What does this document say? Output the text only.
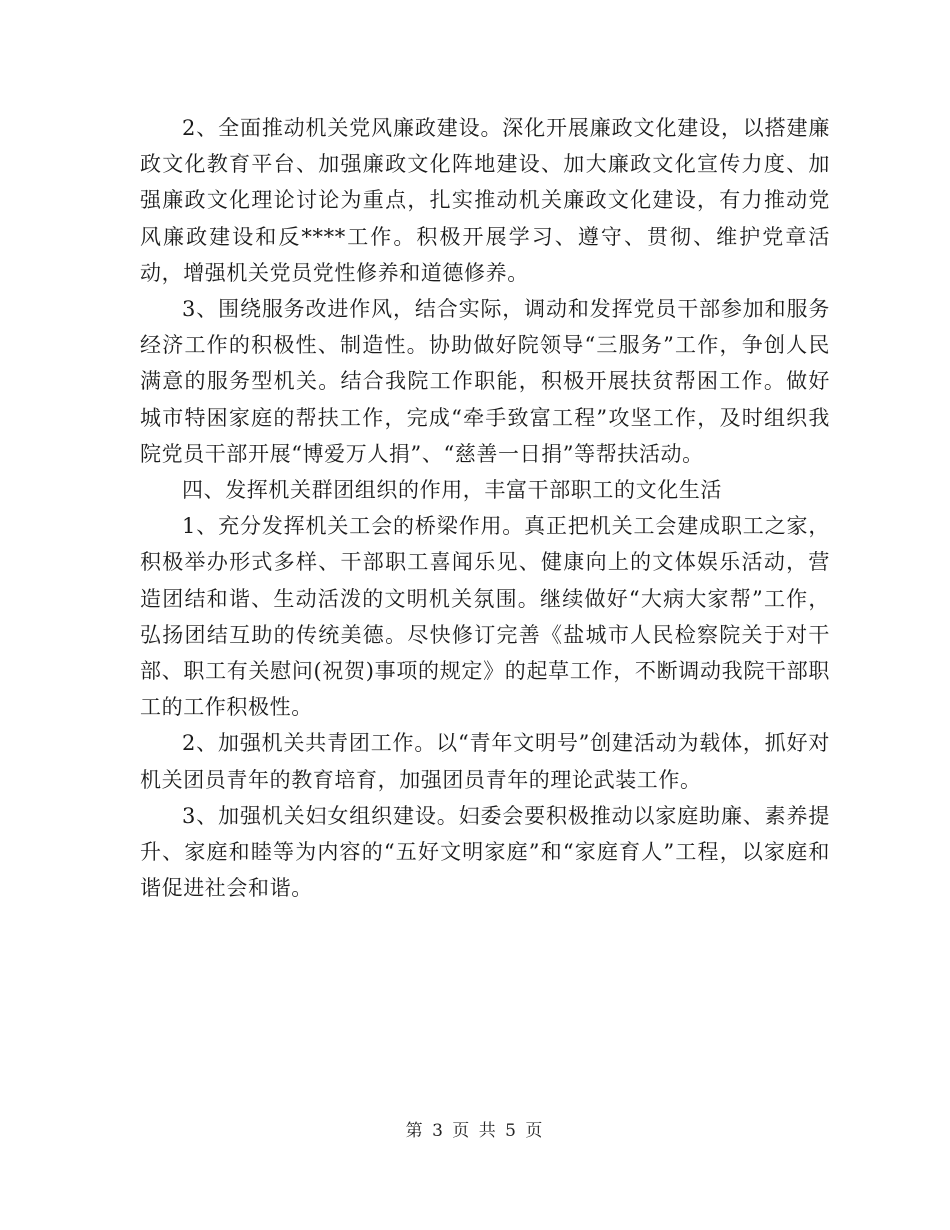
2、全面推动机关党风廉政建设。深化开展廉政文化建设，以搭建廉政文化教育平台、加强廉政文化阵地建设、加大廉政文化宣传力度、加强廉政文化理论讨论为重点，扎实推动机关廉政文化建设，有力推动党风廉政建设和反****工作。积极开展学习、遵守、贯彻、维护党章活动，增强机关党员党性修养和道德修养。

3、围绕服务改进作风，结合实际，调动和发挥党员干部参加和服务经济工作的积极性、制造性。协助做好院领导“三服务”工作，争创人民满意的服务型机关。结合我院工作职能，积极开展扶贫帮困工作。做好城市特困家庭的帮扶工作，完成“牵手致富工程”攻坚工作，及时组织我院党员干部开展“博爱万人捐”、“慈善一日捐”等帮扶活动。

四、发挥机关群团组织的作用，丰富干部职工的文化生活

1、充分发挥机关工会的桥梁作用。真正把机关工会建成职工之家，积极举办形式多样、干部职工喜闻乐见、健康向上的文体娱乐活动，营造团结和谐、生动活泼的文明机关氛围。继续做好“大病大家帮”工作，弘扬团结互助的传统美德。尽快修订完善《盐城市人民检察院关于对干部、职工有关慰问(祝贺)事项的规定》的起草工作，不断调动我院干部职工的工作积极性。

2、加强机关共青团工作。以“青年文明号”创建活动为载体，抓好对机关团员青年的教育培育，加强团员青年的理论武装工作。

3、加强机关妇女组织建设。妇委会要积极推动以家庭助廉、素养提升、家庭和睦等为内容的“五好文明家庭”和“家庭育人”工程，以家庭和谐促进社会和谐。

第 3 页 共 5 页
